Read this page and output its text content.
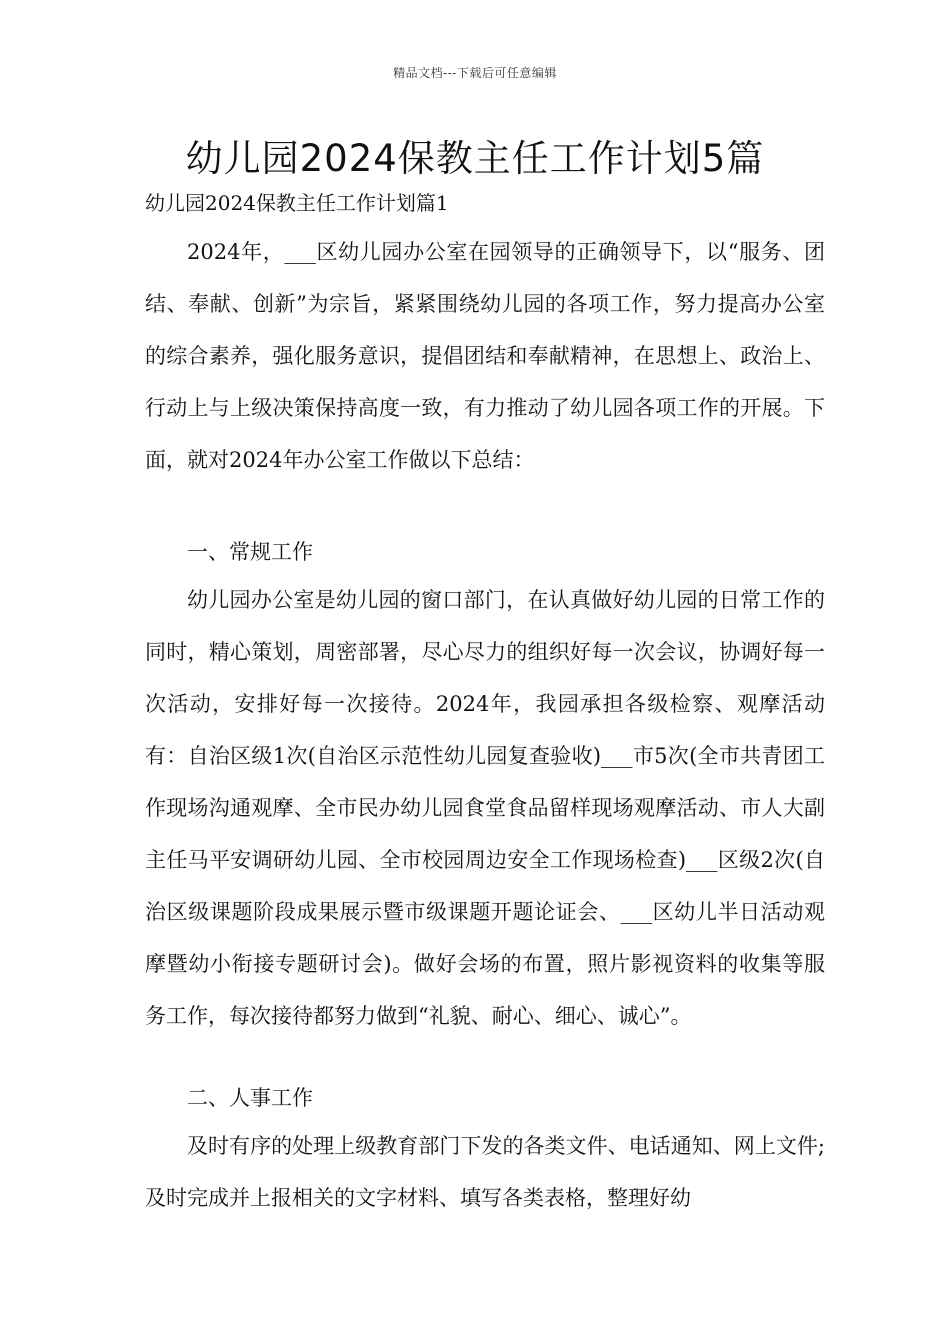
精品文档---下载后可任意编辑
幼儿园2024保教主任工作计划5篇
幼儿园2024保教主任工作计划篇1

2024年，___区幼儿园办公室在园领导的正确领导下，以“服务、团结、奉献、创新”为宗旨，紧紧围绕幼儿园的各项工作，努力提高办公室的综合素养，强化服务意识，提倡团结和奉献精神，在思想上、政治上、行动上与上级决策保持高度一致，有力推动了幼儿园各项工作的开展。下面，就对2024年办公室工作做以下总结：

一、常规工作

幼儿园办公室是幼儿园的窗口部门，在认真做好幼儿园的日常工作的同时，精心策划，周密部署，尽心尽力的组织好每一次会议，协调好每一次活动，安排好每一次接待。2024年，我园承担各级检察、观摩活动有：自治区级1次(自治区示范性幼儿园复查验收)___市5次(全市共青团工作现场沟通观摩、全市民办幼儿园食堂食品留样现场观摩活动、市人大副主任马平安调研幼儿园、全市校园周边安全工作现场检查)___区级2次(自治区级课题阶段成果展示暨市级课题开题论证会、___区幼儿半日活动观摩暨幼小衔接专题研讨会)。做好会场的布置，照片影视资料的收集等服务工作，每次接待都努力做到“礼貌、耐心、细心、诚心”。

二、人事工作

及时有序的处理上级教育部门下发的各类文件、电话通知、网上文件;及时完成并上报相关的文字材料、填写各类表格，整理好幼
